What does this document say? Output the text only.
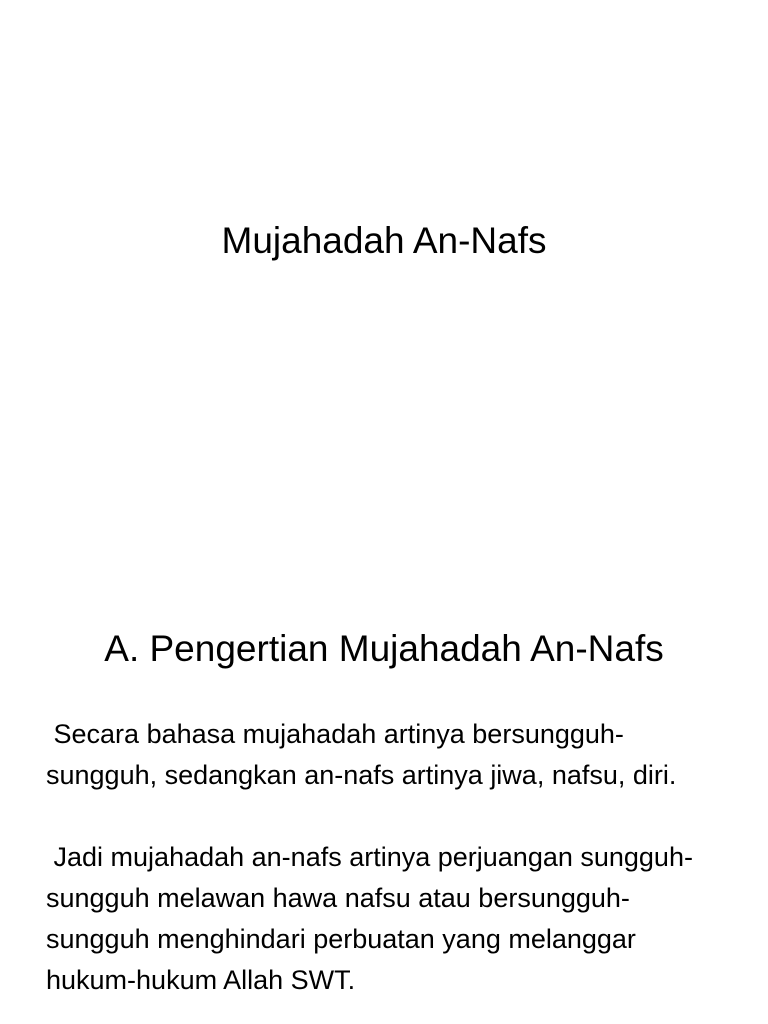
Mujahadah An-Nafs
A. Pengertian Mujahadah An-Nafs

Secara bahasa mujahadah artinya bersungguh-sungguh, sedangkan an-nafs artinya jiwa, nafsu, diri.

Jadi mujahadah an-nafs artinya perjuangan sungguh-sungguh melawan hawa nafsu atau bersungguh-sungguh menghindari perbuatan yang melanggar hukum-hukum Allah SWT.
